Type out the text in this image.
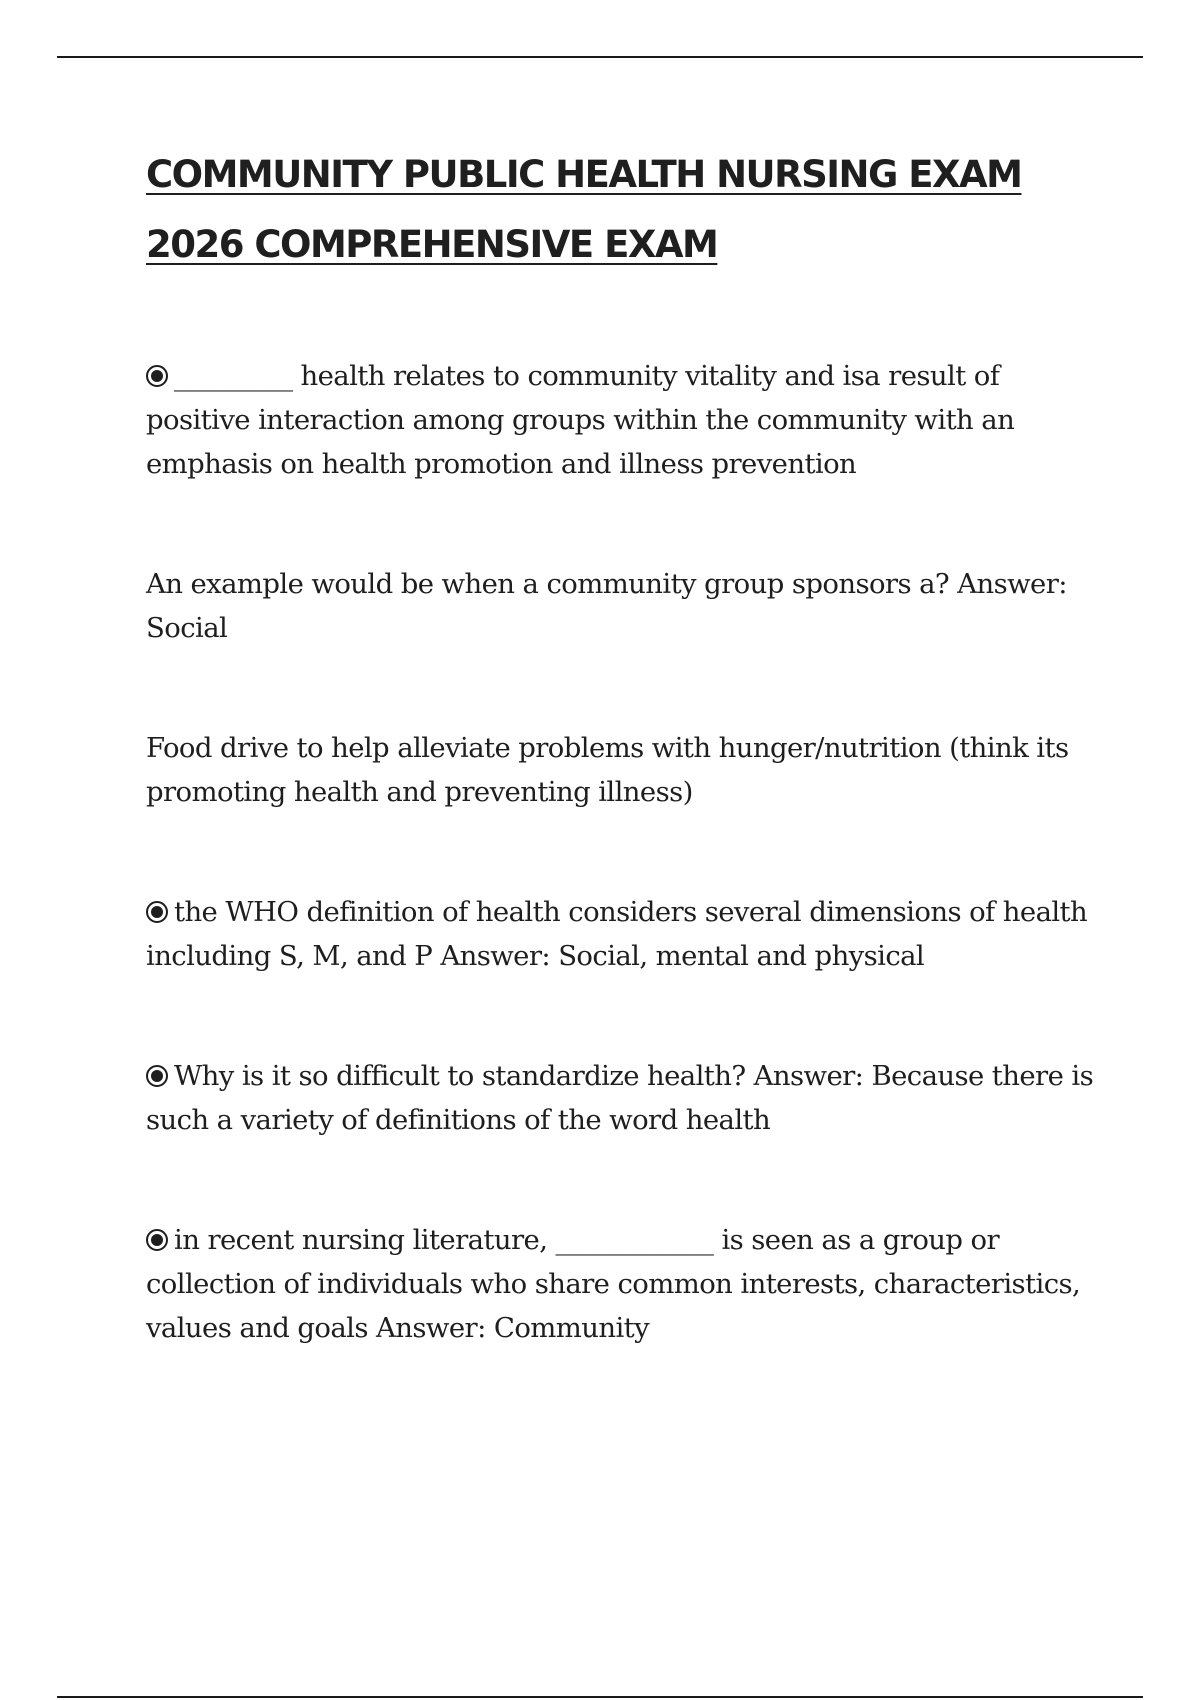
COMMUNITY PUBLIC HEALTH NURSING EXAM
2026 COMPREHENSIVE EXAM

_________ health relates to community vitality and isa result of positive interaction among groups within the community with an emphasis on health promotion and illness prevention

An example would be when a community group sponsors a? Answer: Social

Food drive to help alleviate problems with hunger/nutrition (think its promoting health and preventing illness)

the WHO definition of health considers several dimensions of health including S, M, and P Answer: Social, mental and physical

Why is it so difficult to standardize health? Answer: Because there is such a variety of definitions of the word health

in recent nursing literature, ____________ is seen as a group or collection of individuals who share common interests, characteristics, values and goals Answer: Community
